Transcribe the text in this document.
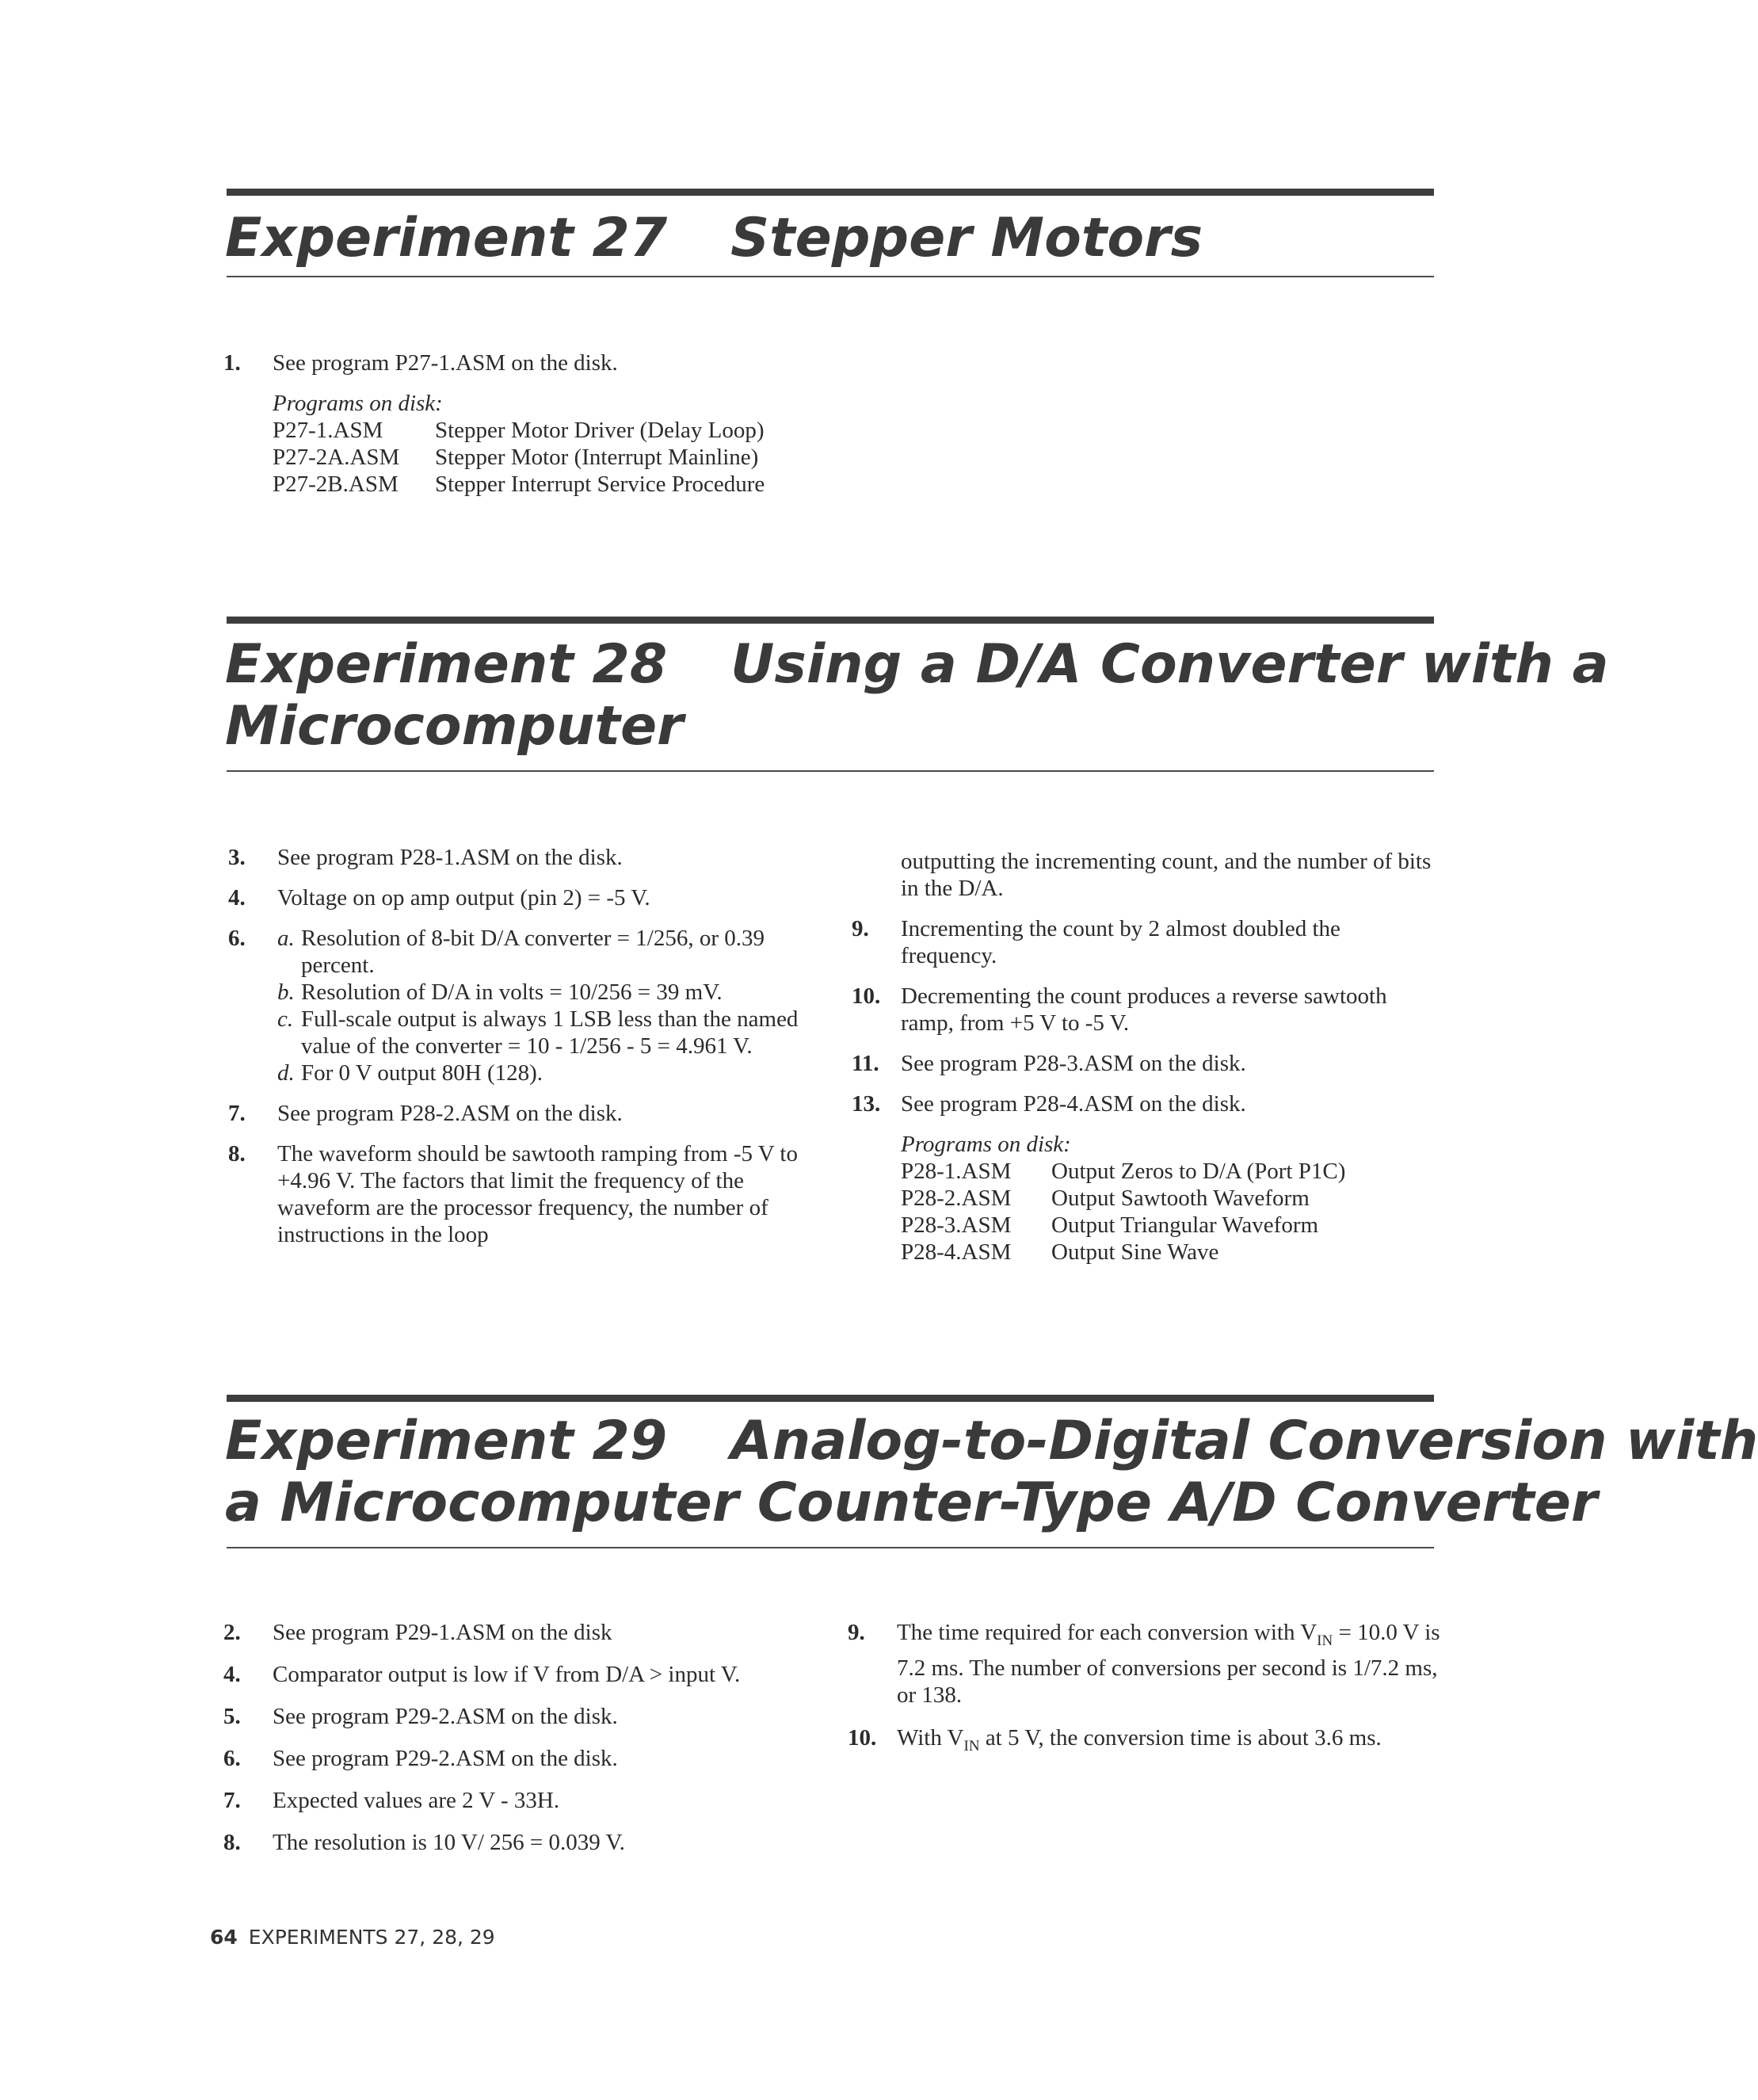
Experiment 27 Stepper Motors
1. See program P27-1.ASM on the disk.
Programs on disk:
P27-1.ASM	Stepper Motor Driver (Delay Loop)
P27-2A.ASM	Stepper Motor (Interrupt Mainline)
P27-2B.ASM	Stepper Interrupt Service Procedure
Experiment 28 Using a D/A Converter with a
Microcomputer
3. See program P28-1.ASM on the disk.
4. Voltage on op amp output (pin 2) = -5 V.
6. a. Resolution of 8-bit D/A converter = 1/256, or 0.39 percent.
b. Resolution of D/A in volts = 10/256 = 39 mV.
c. Full-scale output is always 1 LSB less than the named value of the converter = 10 - 1/256 - 5 = 4.961 V.
d. For 0 V output 80H (128).
7. See program P28-2.ASM on the disk.
8. The waveform should be sawtooth ramping from -5 V to +4.96 V. The factors that limit the frequency of the waveform are the processor frequency, the number of instructions in the loop
outputting the incrementing count, and the number of bits in the D/A.
9. Incrementing the count by 2 almost doubled the frequency.
10. Decrementing the count produces a reverse sawtooth ramp, from +5 V to -5 V.
11. See program P28-3.ASM on the disk.
13. See program P28-4.ASM on the disk.
Programs on disk:
P28-1.ASM	Output Zeros to D/A (Port P1C)
P28-2.ASM	Output Sawtooth Waveform
P28-3.ASM	Output Triangular Waveform
P28-4.ASM	Output Sine Wave
Experiment 29 Analog-to-Digital Conversion with
a Microcomputer Counter-Type A/D Converter
2. See program P29-1.ASM on the disk
4. Comparator output is low if V from D/A > input V.
5. See program P29-2.ASM on the disk.
6. See program P29-2.ASM on the disk.
7. Expected values are 2 V - 33H.
8. The resolution is 10 V/ 256 = 0.039 V.
9. The time required for each conversion with $V_{IN} = 10.0$ V is 7.2 ms. The number of conversions per second is 1/7.2 ms, or 138.
10. With $V_{IN}$ at 5 V, the conversion time is about 3.6 ms.
64 EXPERIMENTS 27, 28, 29
